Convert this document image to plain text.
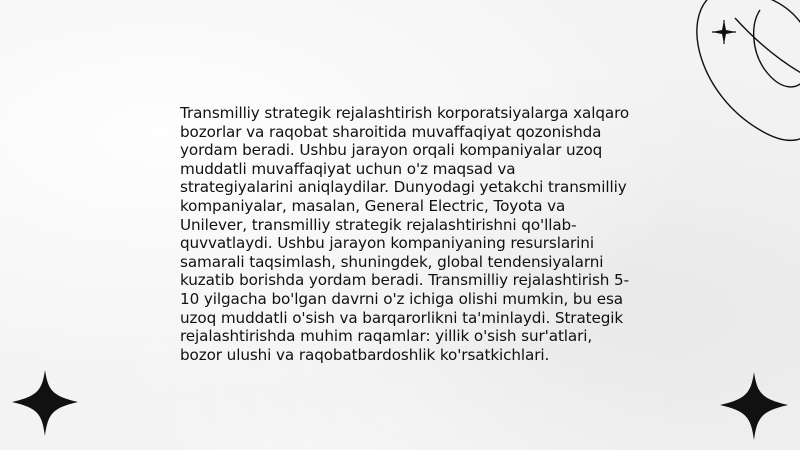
Transmilliy strategik rejalashtirish korporatsiyalarga xalqaro bozorlar va raqobat sharoitida muvaffaqiyat qozonishda yordam beradi. Ushbu jarayon orqali kompaniyalar uzoq muddatli muvaffaqiyat uchun o'z maqsad va strategiyalarini aniqlaydilar. Dunyodagi yetakchi transmilliy kompaniyalar, masalan, General Electric, Toyota va Unilever, transmilliy strategik rejalashtirishni qo'llab-quvvatlaydi. Ushbu jarayon kompaniyaning resurslarini samarali taqsimlash, shuningdek, global tendensiyalarni kuzatib borishda yordam beradi. Transmilliy rejalashtirish 5-10 yilgacha bo'lgan davrni o'z ichiga olishi mumkin, bu esa uzoq muddatli o'sish va barqarorlikni ta'minlaydi. Strategik rejalashtirishda muhim raqamlar: yillik o'sish sur'atlari, bozor ulushi va raqobatbardoshlik ko'rsatkichlari.
